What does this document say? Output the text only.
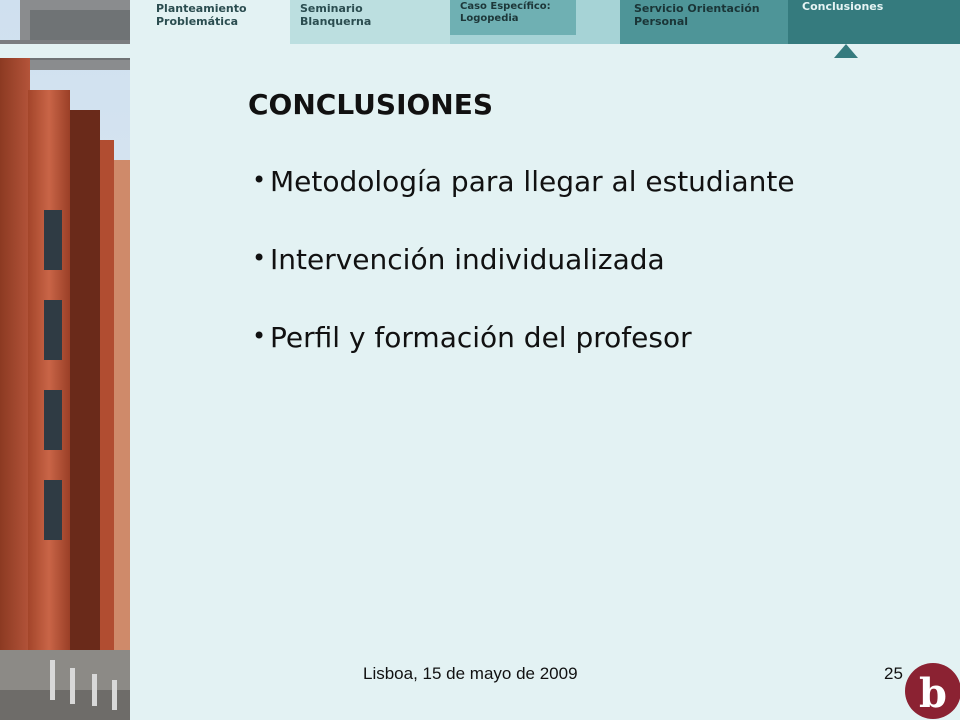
Planteamiento
Problemática
Seminario
Blanquerna
Caso Específico:
Logopedia
Servicio Orientación
Personal
Conclusiones
CONCLUSIONES
• Metodología para llegar al estudiante
• Intervención individualizada
• Perfil y formación del profesor
Lisboa, 15 de mayo de 2009	25 b
